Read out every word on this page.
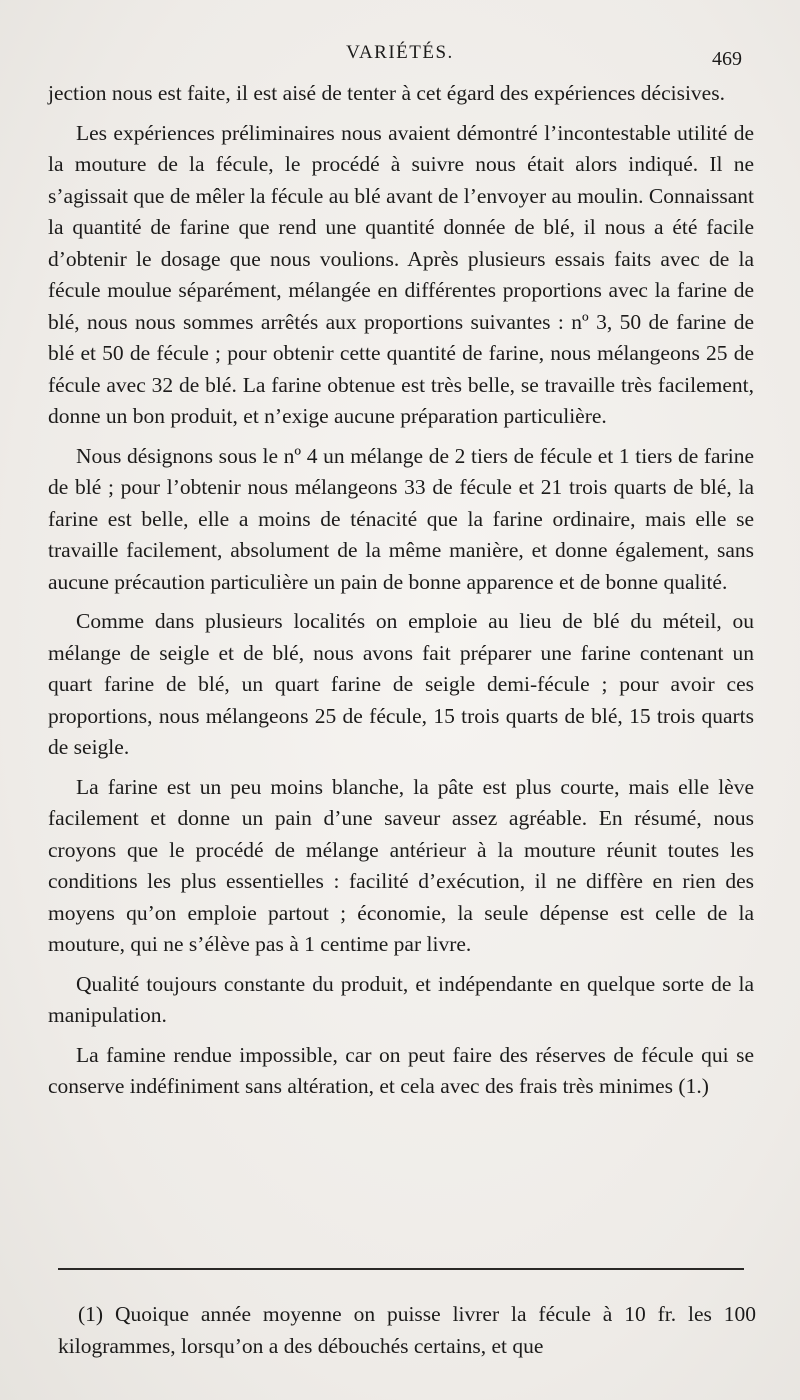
VARIÉTÉS.	469

jection nous est faite, il est aisé de tenter à cet égard des expériences décisives.

Les expériences préliminaires nous avaient démontré l’incontestable utilité de la mouture de la fécule, le procédé à suivre nous était alors indiqué. Il ne s’agissait que de mêler la fécule au blé avant de l’envoyer au moulin. Connaissant la quantité de farine que rend une quantité donnée de blé, il nous a été facile d’obtenir le dosage que nous voulions. Après plusieurs essais faits avec de la fécule moulue séparément, mélangée en différentes proportions avec la farine de blé, nous nous sommes arrêtés aux proportions suivantes : nº 3, 50 de farine de blé et 50 de fécule ; pour obtenir cette quantité de farine, nous mélangeons 25 de fécule avec 32 de blé. La farine obtenue est très belle, se travaille très facilement, donne un bon produit, et n’exige aucune préparation particulière.

Nous désignons sous le nº 4 un mélange de 2 tiers de fécule et 1 tiers de farine de blé ; pour l’obtenir nous mélangeons 33 de fécule et 21 trois quarts de blé, la farine est belle, elle a moins de ténacité que la farine ordinaire, mais elle se travaille facilement, absolument de la même manière, et donne également, sans aucune précaution particulière un pain de bonne apparence et de bonne qualité.

Comme dans plusieurs localités on emploie au lieu de blé du méteil, ou mélange de seigle et de blé, nous avons fait préparer une farine contenant un quart farine de blé, un quart farine de seigle demi-fécule ; pour avoir ces proportions, nous mélangeons 25 de fécule, 15 trois quarts de blé, 15 trois quarts de seigle.

La farine est un peu moins blanche, la pâte est plus courte, mais elle lève facilement et donne un pain d’une saveur assez agréable. En résumé, nous croyons que le procédé de mélange antérieur à la mouture réunit toutes les conditions les plus essentielles : facilité d’exécution, il ne diffère en rien des moyens qu’on emploie partout ; économie, la seule dépense est celle de la mouture, qui ne s’élève pas à 1 centime par livre.

Qualité toujours constante du produit, et indépendante en quelque sorte de la manipulation.

La famine rendue impossible, car on peut faire des réserves de fécule qui se conserve indéfiniment sans altération, et cela avec des frais très minimes (1.)

(1) Quoique année moyenne on puisse livrer la fécule à 10 fr. les 100 kilogrammes, lorsqu’on a des débouchés certains, et que
